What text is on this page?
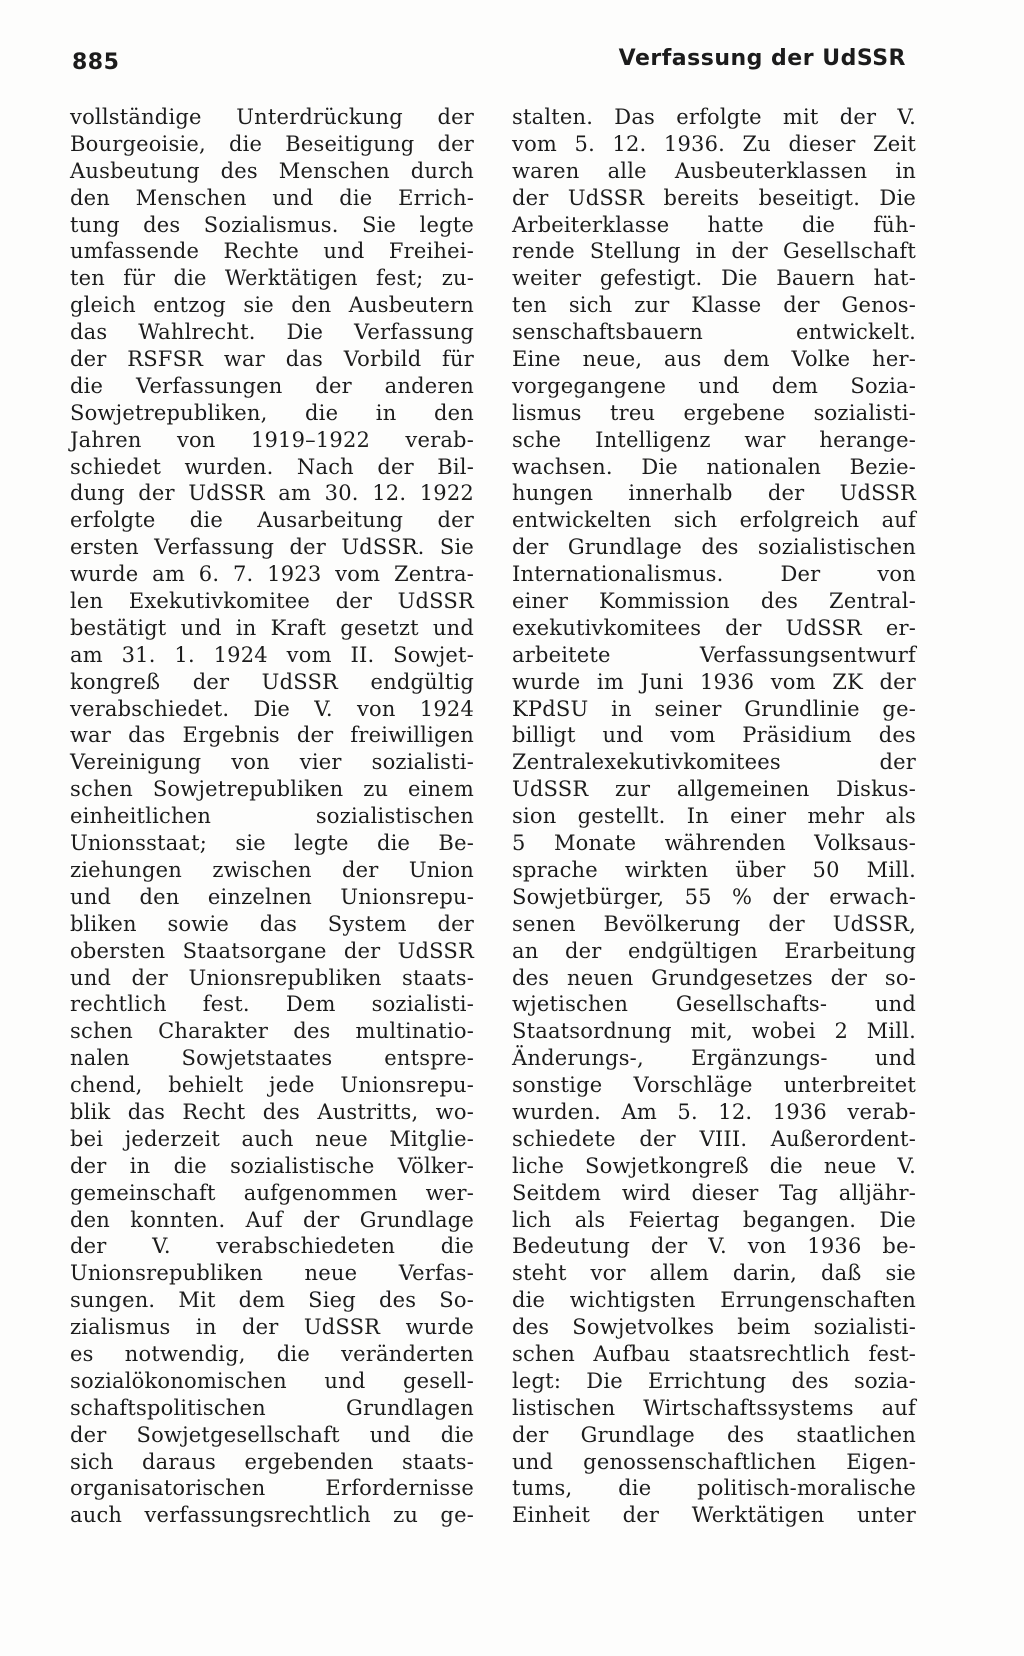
885	Verfassung der UdSSR
vollständige Unterdrückung der
Bourgeoisie, die Beseitigung der
Ausbeutung des Menschen durch
den Menschen und die Errich-
tung des Sozialismus. Sie legte
umfassende Rechte und Freihei-
ten für die Werktätigen fest; zu-
gleich entzog sie den Ausbeutern
das Wahlrecht. Die Verfassung
der RSFSR war das Vorbild für
die Verfassungen der anderen
Sowjetrepubliken, die in den
Jahren von 1919–1922 verab-
schiedet wurden. Nach der Bil-
dung der UdSSR am 30. 12. 1922
erfolgte die Ausarbeitung der
ersten Verfassung der UdSSR. Sie
wurde am 6. 7. 1923 vom Zentra-
len Exekutivkomitee der UdSSR
bestätigt und in Kraft gesetzt und
am 31. 1. 1924 vom II. Sowjet-
kongreß der UdSSR endgültig
verabschiedet. Die V. von 1924
war das Ergebnis der freiwilligen
Vereinigung von vier sozialisti-
schen Sowjetrepubliken zu einem
einheitlichen sozialistischen
Unionsstaat; sie legte die Be-
ziehungen zwischen der Union
und den einzelnen Unionsrepu-
bliken sowie das System der
obersten Staatsorgane der UdSSR
und der Unionsrepubliken staats-
rechtlich fest. Dem sozialisti-
schen Charakter des multinatio-
nalen Sowjetstaates entspre-
chend, behielt jede Unionsrepu-
blik das Recht des Austritts, wo-
bei jederzeit auch neue Mitglie-
der in die sozialistische Völker-
gemeinschaft aufgenommen wer-
den konnten. Auf der Grundlage
der V. verabschiedeten die
Unionsrepubliken neue Verfas-
sungen. Mit dem Sieg des So-
zialismus in der UdSSR wurde
es notwendig, die veränderten
sozialökonomischen und gesell-
schaftspolitischen Grundlagen
der Sowjetgesellschaft und die
sich daraus ergebenden staats-
organisatorischen Erfordernisse
auch verfassungsrechtlich zu ge-
stalten. Das erfolgte mit der V.
vom 5. 12. 1936. Zu dieser Zeit
waren alle Ausbeuterklassen in
der UdSSR bereits beseitigt. Die
Arbeiterklasse hatte die füh-
rende Stellung in der Gesellschaft
weiter gefestigt. Die Bauern hat-
ten sich zur Klasse der Genos-
senschaftsbauern entwickelt.
Eine neue, aus dem Volke her-
vorgegangene und dem Sozia-
lismus treu ergebene sozialisti-
sche Intelligenz war herange-
wachsen. Die nationalen Bezie-
hungen innerhalb der UdSSR
entwickelten sich erfolgreich auf
der Grundlage des sozialistischen
Internationalismus. Der von
einer Kommission des Zentral-
exekutivkomitees der UdSSR er-
arbeitete Verfassungsentwurf
wurde im Juni 1936 vom ZK der
KPdSU in seiner Grundlinie ge-
billigt und vom Präsidium des
Zentralexekutivkomitees der
UdSSR zur allgemeinen Diskus-
sion gestellt. In einer mehr als
5 Monate währenden Volksaus-
sprache wirkten über 50 Mill.
Sowjetbürger, 55 % der erwach-
senen Bevölkerung der UdSSR,
an der endgültigen Erarbeitung
des neuen Grundgesetzes der so-
wjetischen Gesellschafts- und
Staatsordnung mit, wobei 2 Mill.
Änderungs-, Ergänzungs- und
sonstige Vorschläge unterbreitet
wurden. Am 5. 12. 1936 verab-
schiedete der VIII. Außerordent-
liche Sowjetkongreß die neue V.
Seitdem wird dieser Tag alljähr-
lich als Feiertag begangen. Die
Bedeutung der V. von 1936 be-
steht vor allem darin, daß sie
die wichtigsten Errungenschaften
des Sowjetvolkes beim sozialisti-
schen Aufbau staatsrechtlich fest-
legt: Die Errichtung des sozia-
listischen Wirtschaftssystems auf
der Grundlage des staatlichen
und genossenschaftlichen Eigen-
tums, die politisch-moralische
Einheit der Werktätigen unter
